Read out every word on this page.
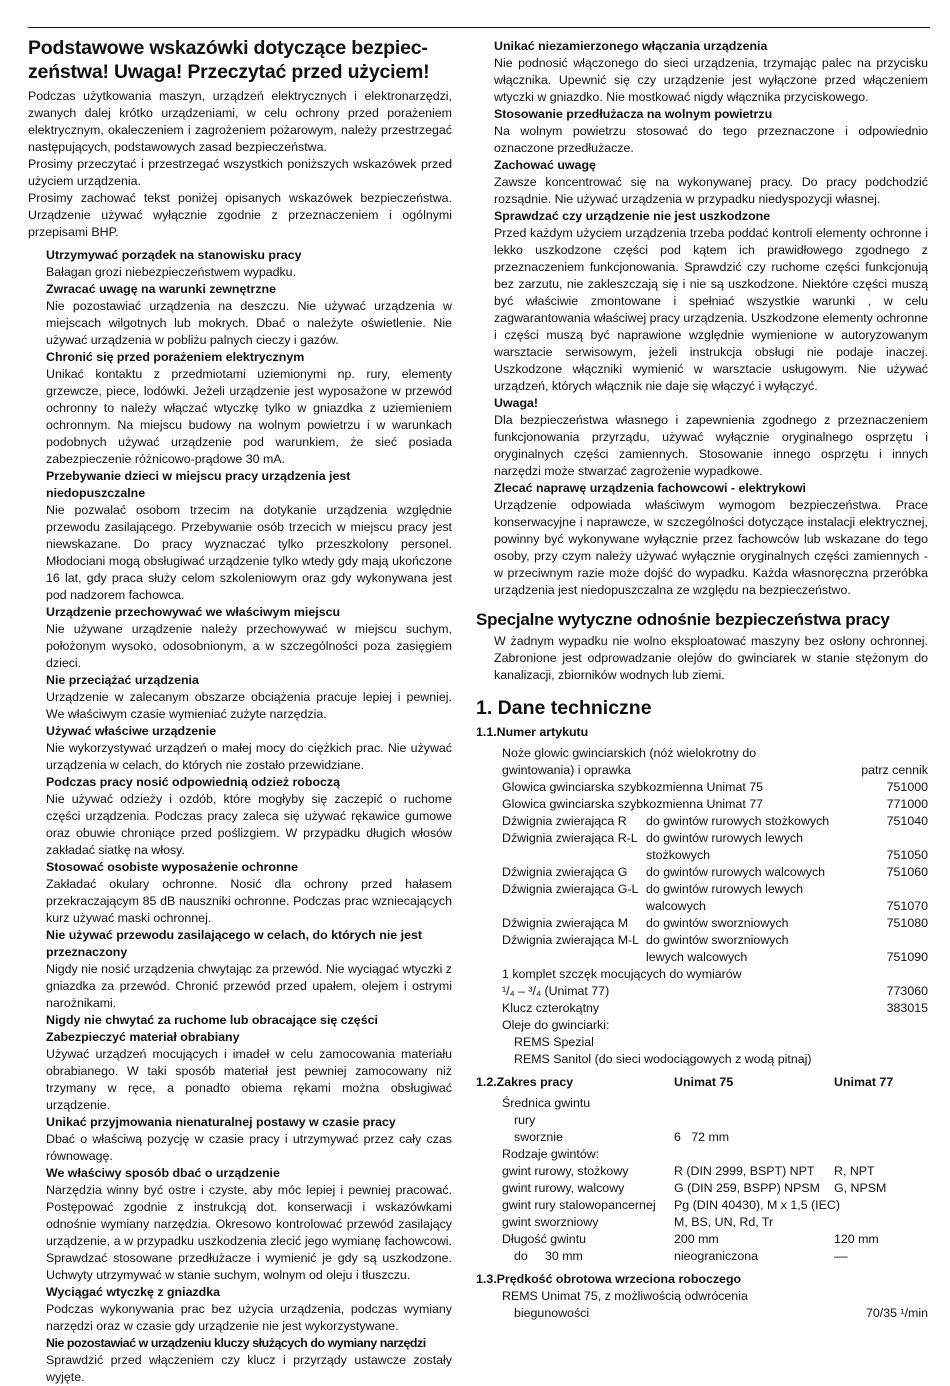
Podstawowe wskazówki dotyczące bezpiec-zeństwa! Uwaga! Przeczytać przed użyciem!

Podczas użytkowania maszyn, urządzeń elektrycznych i elektronarzędzi, zwanych dalej krótko urządzeniami, w celu ochrony przed porażeniem elektrycznym, okaleczeniem i zagrożeniem pożarowym, należy przestrzegać następujących, podstawowych zasad bezpieczeństwa.

Prosimy przeczytać i przestrzegać wszystkich poniższych wskazówek przed użyciem urządzenia.

Prosimy zachować tekst poniżej opisanych wskazówek bezpieczeństwa. Urządzenie używać wyłącznie zgodnie z przeznaczeniem i ogólnymi przepisami BHP.

Utrzymywać porządek na stanowisku pracy

Bałagan grozi niebezpieczeństwem wypadku.

Zwracać uwagę na warunki zewnętrzne

Nie pozostawiać urządzenia na deszczu. Nie używać urządzenia w miejscach wilgotnych lub mokrych. Dbać o należyte oświetlenie. Nie używać urządzenia w pobliżu palnych cieczy i gazów.

Chronić się przed porażeniem elektrycznym

Unikać kontaktu z przedmiotami uziemionymi np. rury, elementy grzewcze, piece, lodówki. Jeżeli urządzenie jest wyposażone w przewód ochronny to należy włączać wtyczkę tylko w gniazdka z uziemieniem ochronnym. Na miejscu budowy na wolnym powietrzu i w warunkach podobnych używać urządzenie pod warunkiem, że sieć posiada zabezpieczenie różnicowo-prądowe 30 mA.

Przebywanie dzieci w miejscu pracy urządzenia jest niedopuszczalne

Nie pozwalać osobom trzecim na dotykanie urządzenia względnie przewodu zasilającego. Przebywanie osób trzecich w miejscu pracy jest niewskazane. Do pracy wyznaczać tylko przeszkolony personel. Młodociani mogą obsługiwać urządzenie tylko wtedy gdy mają ukończone 16 lat, gdy praca służy celom szkoleniowym oraz gdy wykonywana jest pod nadzorem fachowca.

Urządzenie przechowywać we właściwym miejscu

Nie używane urządzenie należy przechowywać w miejscu suchym, położonym wysoko, odosobnionym, a w szczególności poza zasięgiem dzieci.

Nie przeciążać urządzenia

Urządzenie w zalecanym obszarze obciążenia pracuje lepiej i pewniej. We właściwym czasie wymieniać zużyte narzędzia.

Używać właściwe urządzenie

Nie wykorzystywać urządzeń o małej mocy do ciężkich prac. Nie używać urządzenia w celach, do których nie zostało przewidziane.

Podczas pracy nosić odpowiednią odzież roboczą

Nie używać odzieży i ozdób, które mogłyby się zaczepić o ruchome części urządzenia. Podczas pracy zaleca się używać rękawice gumowe oraz obuwie chroniące przed poślizgiem. W przypadku długich włosów zakładać siatkę na włosy.

Stosować osobiste wyposażenie ochronne

Zakładać okulary ochronne. Nosić dla ochrony przed hałasem przekraczającym 85 dB nauszniki ochronne. Podczas prac wzniecających kurz używać maski ochronnej.

Nie używać przewodu zasilającego w celach, do których nie jest przeznaczony

Nigdy nie nosić urządzenia chwytając za przewód. Nie wyciągać wtyczki z gniazdka za przewód. Chronić przewód przed upałem, olejem i ostrymi narożnikami.

Nigdy nie chwytać za ruchome lub obracające się części
Zabezpieczyć materiał obrabiany

Używać urządzeń mocujących i imadeł w celu zamocowania materiału obrabianego. W taki sposób materiał jest pewniej zamocowany niż trzymany w ręce, a ponadto obiema rękami można obsługiwać urządzenie.

Unikać przyjmowania nienaturalnej postawy w czasie pracy

Dbać o właściwą pozycję w czasie pracy i utrzymywać przez cały czas równowagę.

We właściwy sposób dbać o urządzenie

Narzędzia winny być ostre i czyste, aby móc lepiej i pewniej pracować. Postępować zgodnie z instrukcją dot. konserwacji i wskazówkami odnośnie wymiany narzędzia. Okresowo kontrolować przewód zasilający urządzenie, a w przypadku uszkodzenia zlecić jego wymianę fachowcowi. Sprawdzać stosowane przedłużacze i wymienić je gdy są uszkodzone. Uchwyty utrzymywać w stanie suchym, wolnym od oleju i tłuszczu.

Wyciągać wtyczkę z gniazdka

Podczas wykonywania prac bez użycia urządzenia, podczas wymiany narzędzi oraz w czasie gdy urządzenie nie jest wykorzystywane.

Nie pozostawiać w urządzeniu kluczy służących do wymiany narzędzi

Sprawdzić przed włączeniem czy klucz i przyrządy ustawcze zostały wyjęte.

Unikać niezamierzonego włączania urządzenia

Nie podnosić włączonego do sieci urządzenia, trzymając palec na przycisku włącznika. Upewnić się czy urządzenie jest wyłączone przed włączeniem wtyczki w gniazdko. Nie mostkować nigdy włącznika przyciskowego.

Stosowanie przedłużacza na wolnym powietrzu

Na wolnym powietrzu stosować do tego przeznaczone i odpowiednio oznaczone przedłużacze.

Zachować uwagę

Zawsze koncentrować się na wykonywanej pracy. Do pracy podchodzić rozsądnie. Nie używać urządzenia w przypadku niedyspozycji własnej.

Sprawdzać czy urządzenie nie jest uszkodzone

Przed każdym użyciem urządzenia trzeba poddać kontroli elementy ochronne i lekko uszkodzone części pod kątem ich prawidłowego zgodnego z przeznaczeniem funkcjonowania. Sprawdzić czy ruchome części funkcjonują bez zarzutu, nie zakleszczają się i nie są uszkodzone. Niektóre części muszą być właściwie zmontowane i spełniać wszystkie warunki , w celu zagwarantowania właściwej pracy urządzenia. Uszkodzone elementy ochronne i części muszą być naprawione względnie wymienione w autoryzowanym warsztacie serwisowym, jeżeli instrukcja obsługi nie podaje inaczej. Uszkodzone włączniki wymienić w warsztacie usługowym. Nie używać urządzeń, których włącznik nie daje się włączyć i wyłączyć.

Uwaga!

Dla bezpieczeństwa własnego i zapewnienia zgodnego z przeznaczeniem funkcjonowania przyrządu, używać wyłącznie oryginalnego osprzętu i oryginalnych części zamiennych. Stosowanie innego osprzętu i innych narzędzi może stwarzać zagrożenie wypadkowe.

Zlecać naprawę urządzenia fachowcowi - elektrykowi

Urządzenie odpowiada właściwym wymogom bezpieczeństwa. Prace konserwacyjne i naprawcze, w szczególności dotyczące instalacji elektrycznej, powinny być wykonywane wyłącznie przez fachowców lub wskazane do tego osoby, przy czym należy używać wyłącznie oryginalnych części zamiennych - w przeciwnym razie może dojść do wypadku. Każda własnoręczna przeróbka urządzenia jest niedopuszczalna ze względu na bezpieczeństwo.

Specjalne wytyczne odnośnie bezpieczeństwa pracy

W żadnym wypadku nie wolno eksploatować maszyny bez osłony ochronnej. Zabronione jest odprowadzanie olejów do gwinciarek w stanie stężonym do kanalizacji, zbiorników wodnych lub ziemi.

1. Dane techniczne
1.1.Numer artykutu
Noże glowic gwinciarskich (nóż wielokrotny do
gwintowania) i oprawka	patrz cennik
Glowica gwinciarska szybkozmienna Unimat 75	751000
Glowica gwinciarska szybkozmienna Unimat 77	771000
Dźwignia zwierająca R	do gwintów rurowych stożkowych	751040
Dźwignia zwierająca R-L do gwintów rurowych lewych
stożkowych	751050
Dźwignia zwierająca G	do gwintów rurowych walcowych	751060
Dźwignia zwierająca G-L do gwintów rurowych lewych
walcowych	751070
Dźwignia zwierająca M	do gwintów sworzniowych	751080
Dźwignia zwierająca M-L do gwintów sworzniowych
lewych walcowych	751090
1 komplet szczęk mocujących do wymiarów
¹/₄ – ³/₄ (Unimat 77)	773060
Klucz czterokątny	383015
Oleje do gwinciarki:
REMS Spezial
REMS Sanitol (do sieci wodociągowych z wodą pitnaj)
1.2.Zakres pracy	Unimat 75	Unimat 77
Średnica gwintu
rury
sworznie	6   72 mm
Rodzaje gwintów:
gwint rurowy, stożkowy	R (DIN 2999, BSPT) NPT	R, NPT
gwint rurowy, walcowy	G (DIN 259, BSPP) NPSM	G, NPSM
gwint rury stalowopancernej	Pg (DIN 40430), M x 1,5 (IEC)
gwint sworzniowy	M, BS, UN, Rd, Tr
Długość gwintu	200 mm	120 mm
do     30 mm	nieograniczona	––
1.3.Prędkość obrotowa wrzeciona roboczego
REMS Unimat 75, z możliwością odwrócenia
biegunowości	70/35 ¹/min
